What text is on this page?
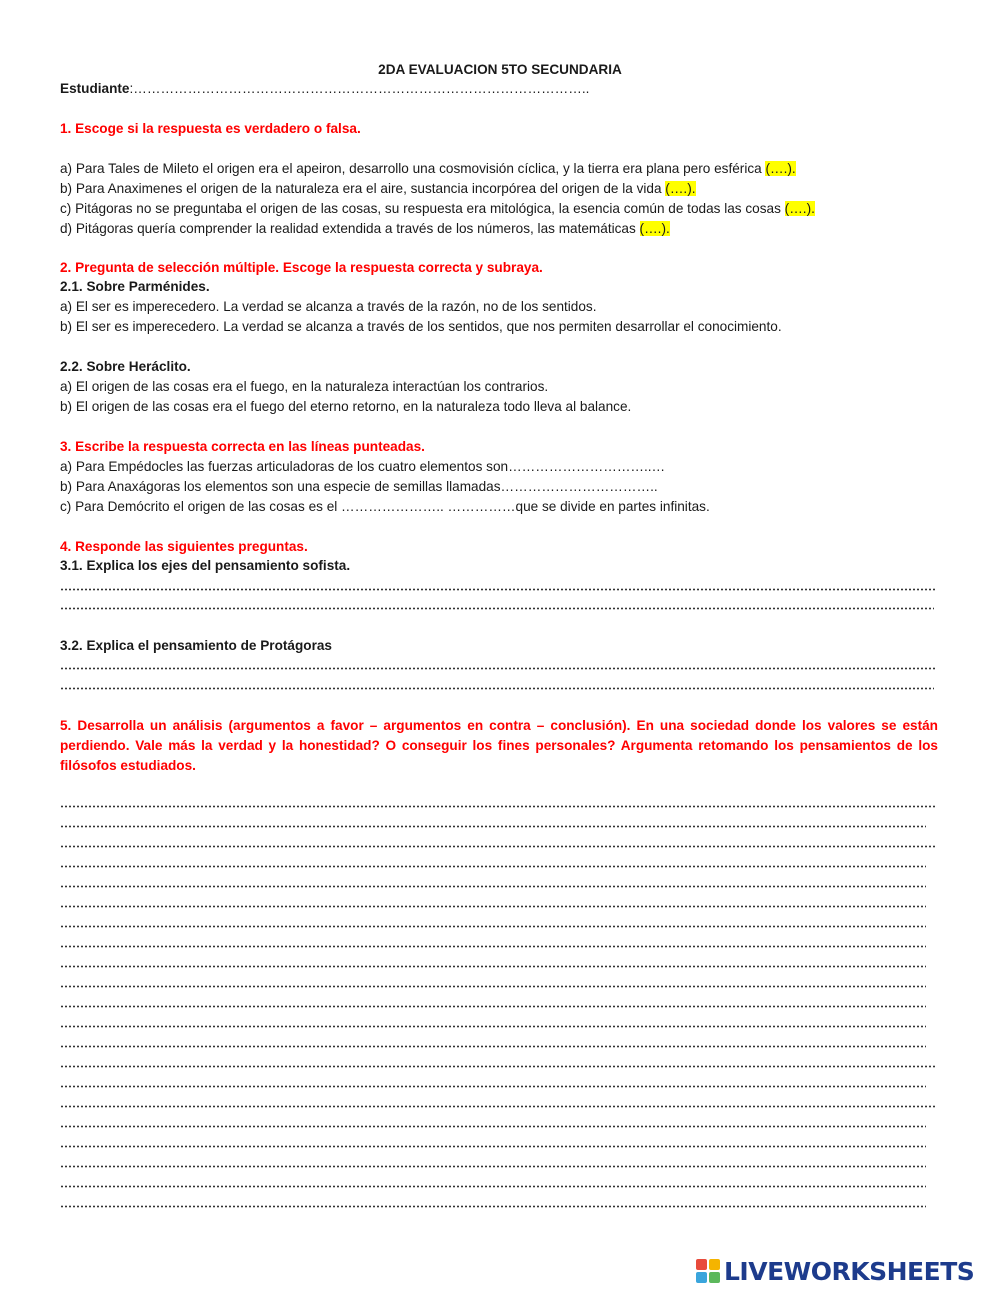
2DA EVALUACION 5TO SECUNDARIA
Estudiante:………………………………………………………………………………………..
1. Escoge si la respuesta es verdadero o falsa.
a) Para Tales de Mileto el origen era el apeiron, desarrollo una cosmovisión cíclica, y la tierra era plana pero esférica (….).
b) Para Anaximenes el origen de la naturaleza era el aire, sustancia incorpórea del origen de la vida (….).
c) Pitágoras no se preguntaba el origen de las cosas, su respuesta era mitológica, la esencia común de todas las cosas (….).
d) Pitágoras quería comprender la realidad extendida a través de los números, las matemáticas (….).
2. Pregunta de selección múltiple. Escoge la respuesta correcta y subraya.
2.1. Sobre Parménides.
a) El ser es imperecedero. La verdad se alcanza a través de la razón, no de los sentidos.
b) El ser es imperecedero. La verdad se alcanza a través de los sentidos, que nos permiten desarrollar el conocimiento.
2.2. Sobre Heráclito.
a) El origen de las cosas era el fuego, en la naturaleza interactúan los contrarios.
b) El origen de las cosas era el fuego del eterno retorno, en la naturaleza todo lleva al balance.
3. Escribe la respuesta correcta en las líneas punteadas.
a) Para Empédocles las fuerzas articuladoras de los cuatro elementos son…………………………..…
b) Para Anaxágoras los elementos son una especie de semillas llamadas……………………………..
c) Para Demócrito el origen de las cosas es el ………………….. ……………que se divide en partes infinitas.
4. Responde las siguientes preguntas.
3.1. Explica los ejes del pensamiento sofista.
3.2. Explica el pensamiento de Protágoras
5. Desarrolla un análisis (argumentos a favor – argumentos en contra – conclusión). En una sociedad donde los valores se están perdiendo. Vale más la verdad y la honestidad? O conseguir los fines personales? Argumenta retomando los pensamientos de los filósofos estudiados.
LIVEWORKSHEETS
